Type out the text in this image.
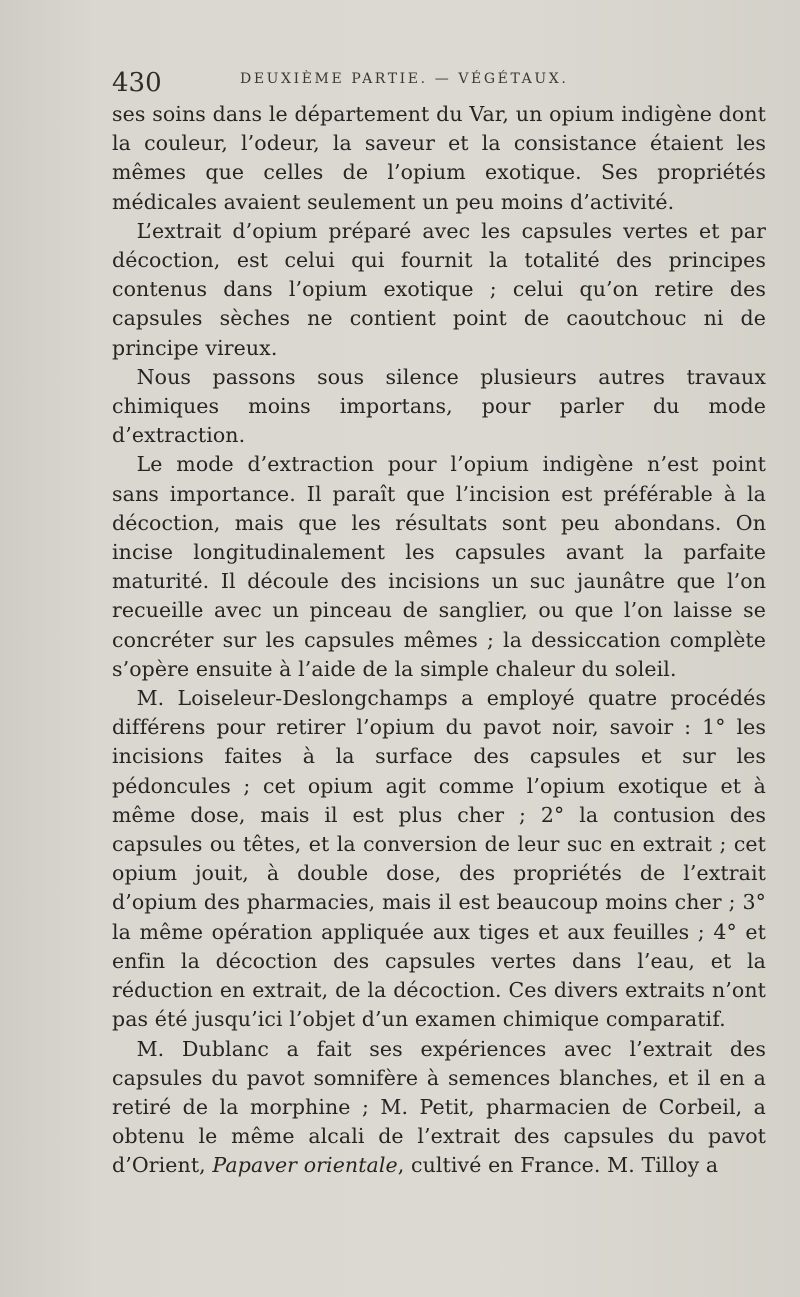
430	DEUXIÈME PARTIE. — VÉGÉTAUX.

ses soins dans le département du Var, un opium indigène dont la couleur, l’odeur, la saveur et la consistance étaient les mêmes que celles de l’opium exotique. Ses propriétés médicales avaient seulement un peu moins d’activité.

L’extrait d’opium préparé avec les capsules vertes et par décoction, est celui qui fournit la totalité des principes contenus dans l’opium exotique ; celui qu’on retire des capsules sèches ne contient point de caoutchouc ni de principe vireux.

Nous passons sous silence plusieurs autres travaux chimiques moins importans, pour parler du mode d’extraction.

Le mode d’extraction pour l’opium indigène n’est point sans importance. Il paraît que l’incision est préférable à la décoction, mais que les résultats sont peu abondans. On incise longitudinalement les capsules avant la parfaite maturité. Il découle des incisions un suc jaunâtre que l’on recueille avec un pinceau de sanglier, ou que l’on laisse se concréter sur les capsules mêmes ; la dessiccation complète s’opère ensuite à l’aide de la simple chaleur du soleil.

M. Loiseleur-Deslongchamps a employé quatre procédés différens pour retirer l’opium du pavot noir, savoir : 1° les incisions faites à la surface des capsules et sur les pédoncules ; cet opium agit comme l’opium exotique et à même dose, mais il est plus cher ; 2° la contusion des capsules ou têtes, et la conversion de leur suc en extrait ; cet opium jouit, à double dose, des propriétés de l’extrait d’opium des pharmacies, mais il est beaucoup moins cher ; 3° la même opération appliquée aux tiges et aux feuilles ; 4° et enfin la décoction des capsules vertes dans l’eau, et la réduction en extrait, de la décoction. Ces divers extraits n’ont pas été jusqu’ici l’objet d’un examen chimique comparatif.

M. Dublanc a fait ses expériences avec l’extrait des capsules du pavot somnifère à semences blanches, et il en a retiré de la morphine ; M. Petit, pharmacien de Corbeil, a obtenu le même alcali de l’extrait des capsules du pavot d’Orient, Papaver orientale, cultivé en France. M. Tilloy a
